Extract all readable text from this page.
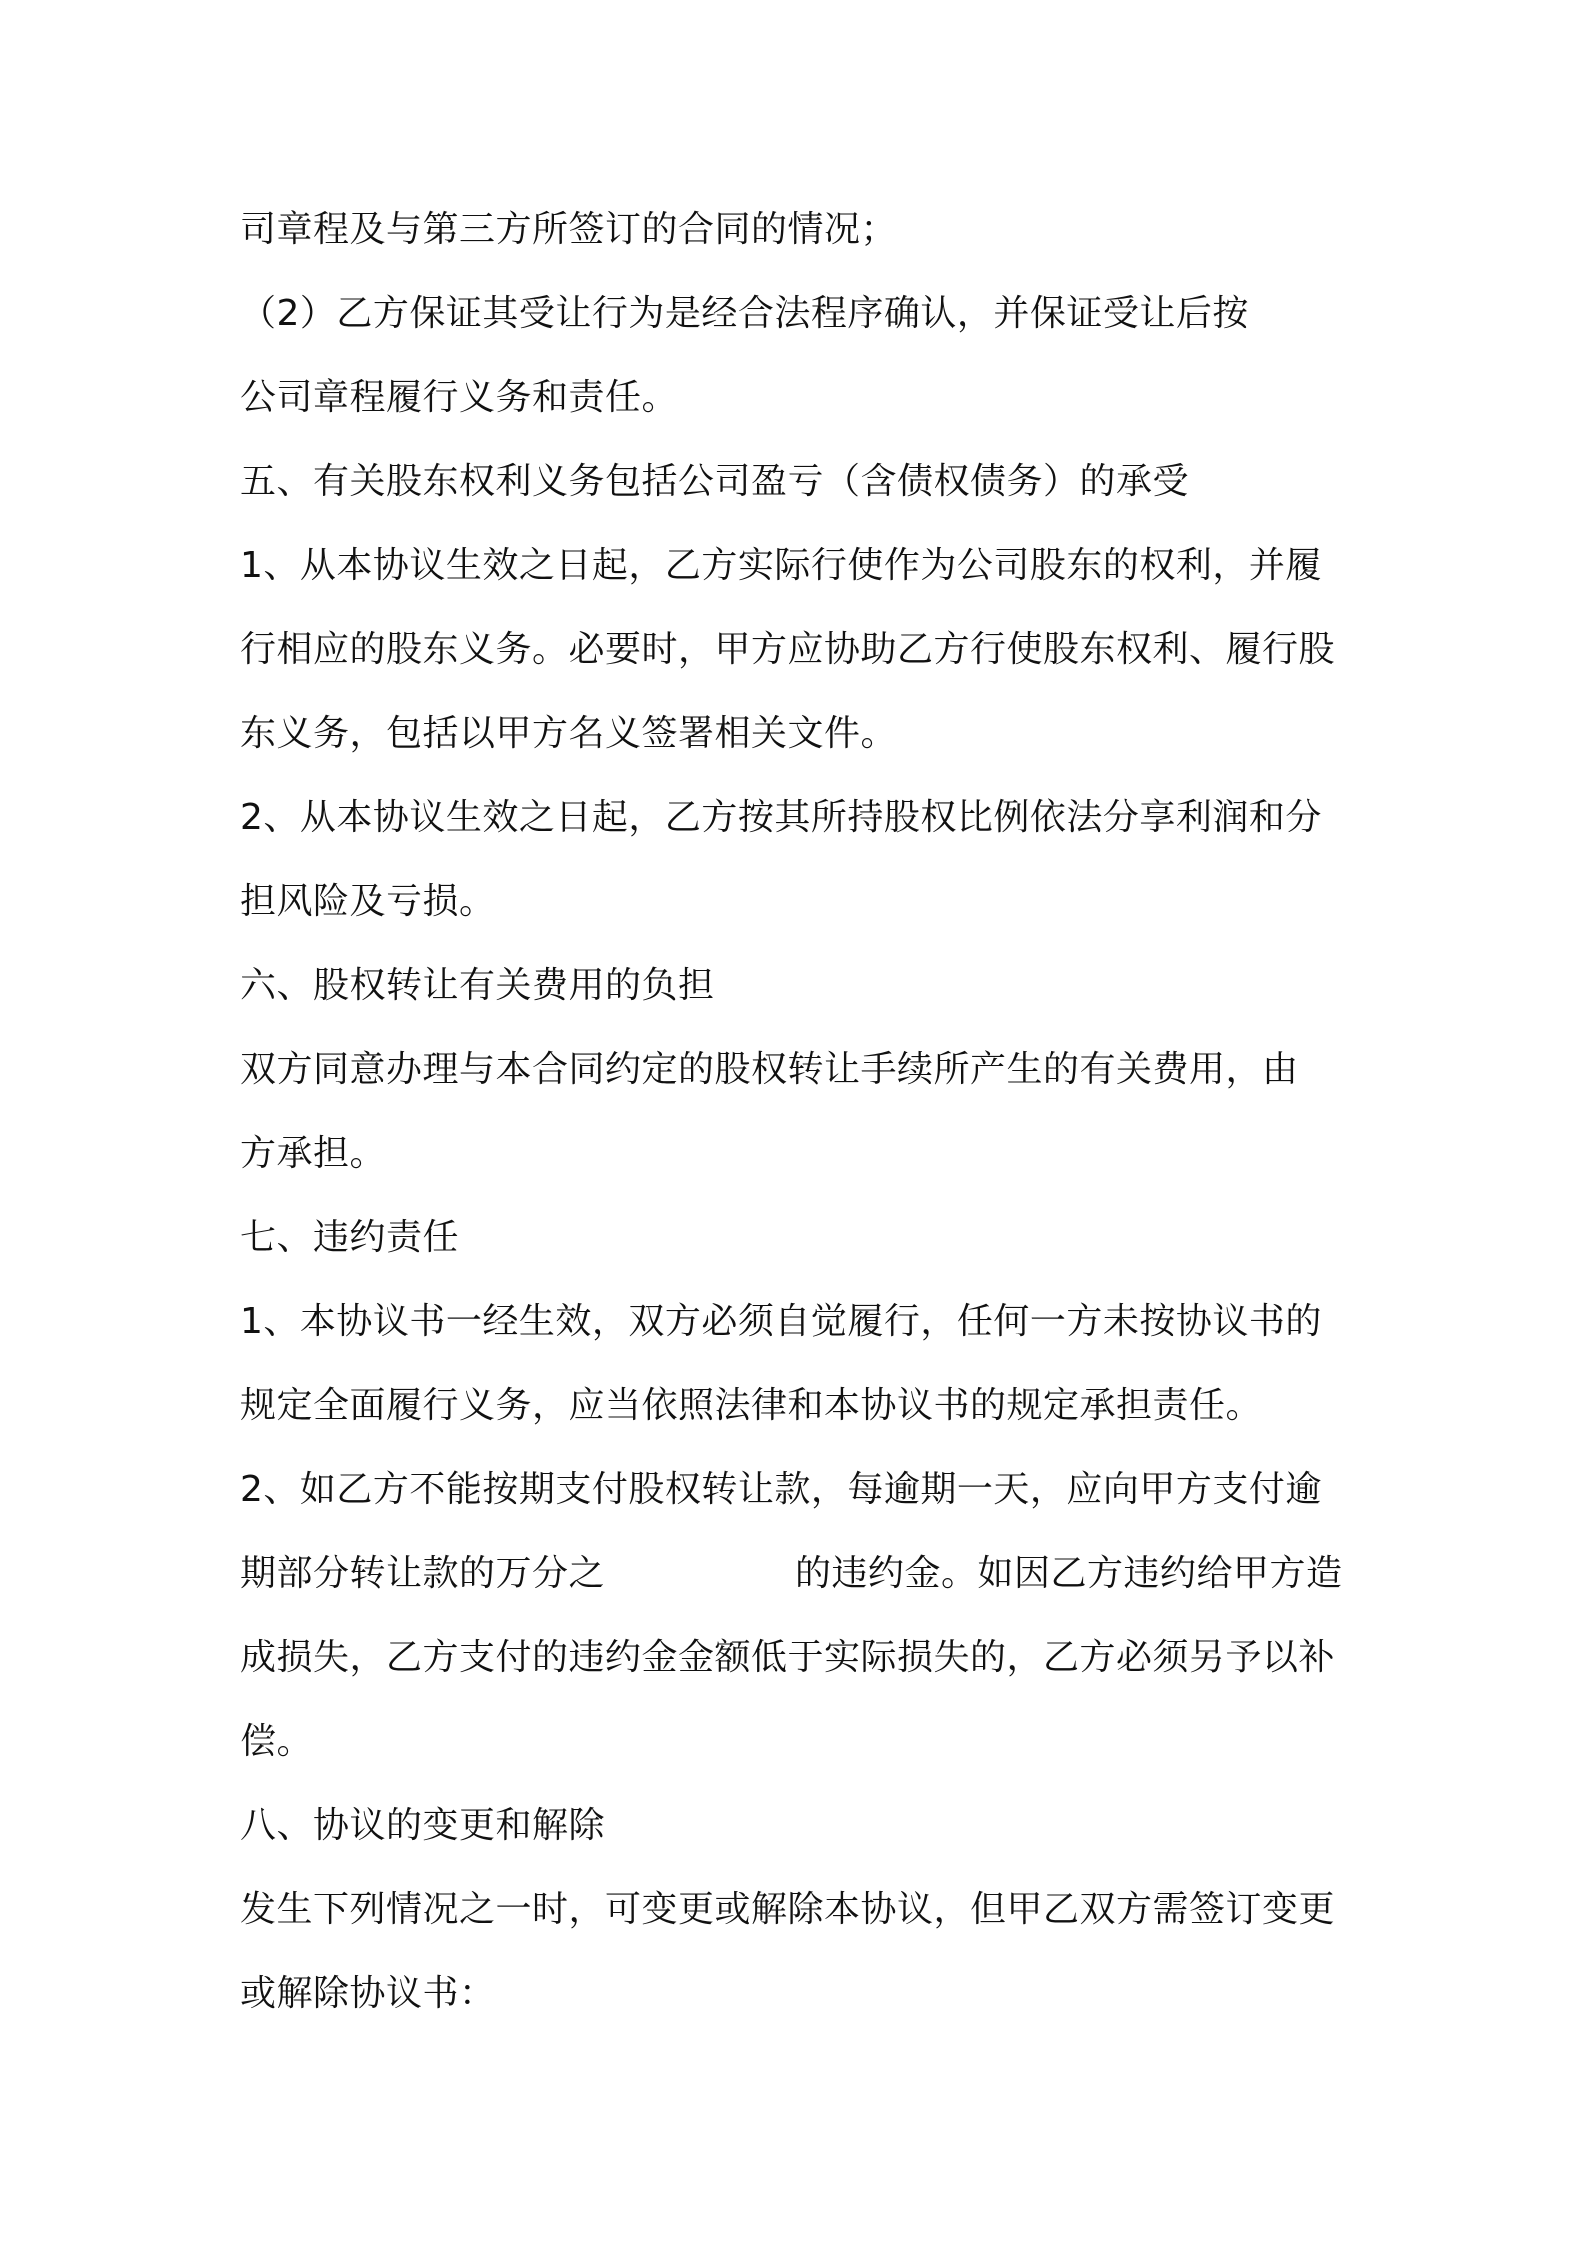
司章程及与第三方所签订的合同的情况；
（2）乙方保证其受让行为是经合法程序确认，并保证受让后按
公司章程履行义务和责任。
五、有关股东权利义务包括公司盈亏（含债权债务）的承受
1、从本协议生效之日起，乙方实际行使作为公司股东的权利，并履
行相应的股东义务。必要时，甲方应协助乙方行使股东权利、履行股
东义务，包括以甲方名义签署相关文件。
2、从本协议生效之日起，乙方按其所持股权比例依法分享利润和分
担风险及亏损。
六、股权转让有关费用的负担
双方同意办理与本合同约定的股权转让手续所产生的有关费用，由
方承担。
七、违约责任
1、本协议书一经生效，双方必须自觉履行，任何一方未按协议书的
规定全面履行义务，应当依照法律和本协议书的规定承担责任。
2、如乙方不能按期支付股权转让款，每逾期一天，应向甲方支付逾
期部分转让款的万分之	的违约金。如因乙方违约给甲方造
成损失，乙方支付的违约金金额低于实际损失的，乙方必须另予以补
偿。
八、协议的变更和解除
发生下列情况之一时，可变更或解除本协议，但甲乙双方需签订变更
或解除协议书：
